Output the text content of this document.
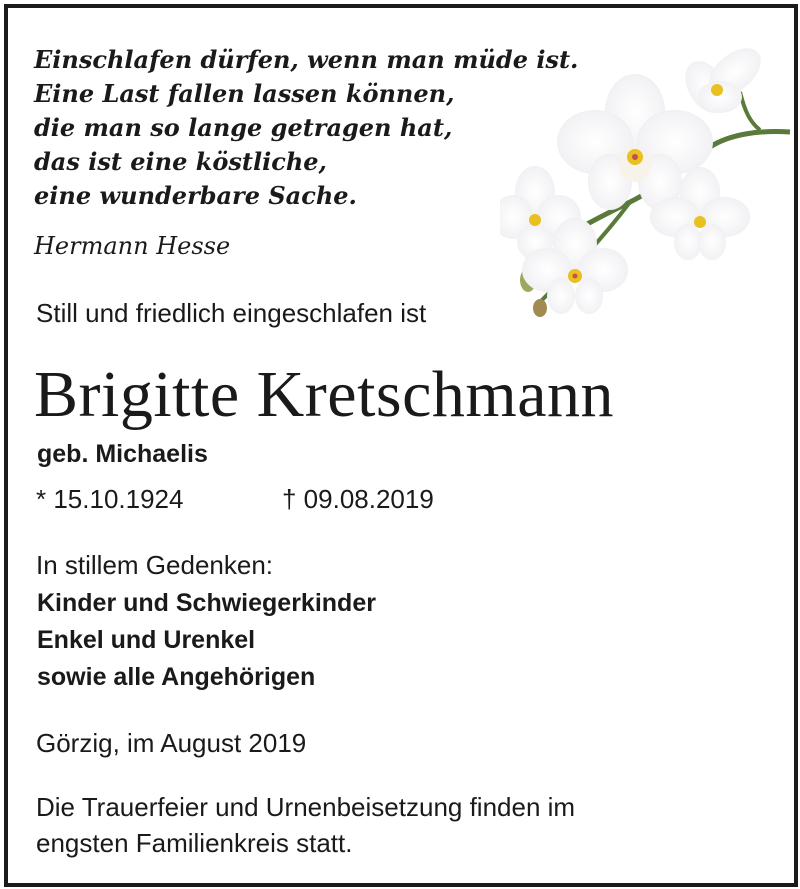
Einschlafen dürfen, wenn man müde ist.
Eine Last fallen lassen können,
die man so lange getragen hat,
das ist eine köstliche,
eine wunderbare Sache.
Hermann Hesse
Still und friedlich eingeschlafen ist
Brigitte Kretschmann
geb. Michaelis
* 15.10.1924	† 09.08.2019
In stillem Gedenken:
Kinder und Schwiegerkinder
Enkel und Urenkel
sowie alle Angehörigen
Görzig, im August 2019
Die Trauerfeier und Urnenbeisetzung finden im
engsten Familienkreis statt.
